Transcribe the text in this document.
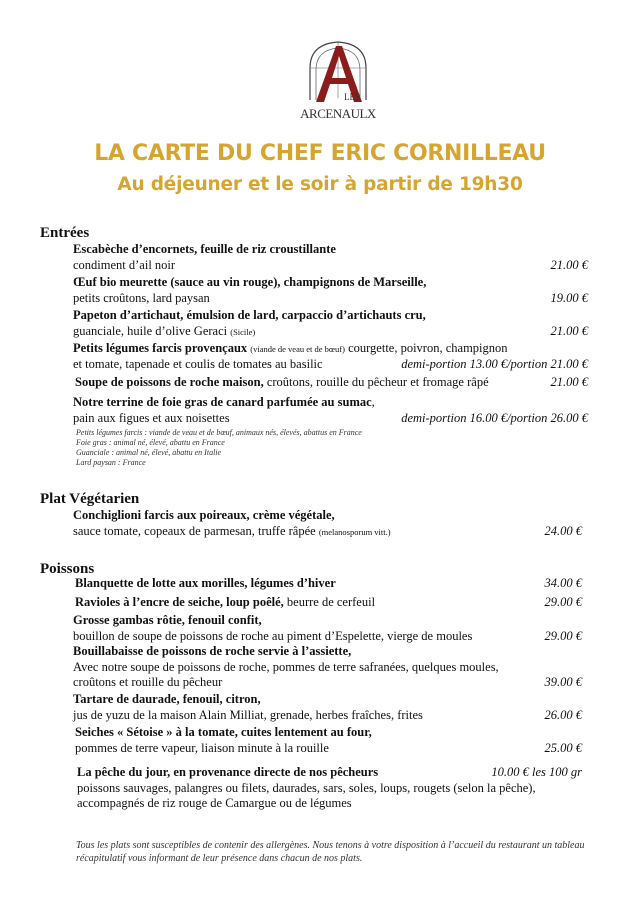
LES
ARCENAULX
LA CARTE DU CHEF ERIC CORNILLEAU
Au déjeuner et le soir à partir de 19h30
Entrées
Escabèche d’encornets, feuille de riz croustillante
condiment d’ail noir	21.00 €
Œuf bio meurette (sauce au vin rouge), champignons de Marseille,
petits croûtons, lard paysan	19.00 €
Papeton d’artichaut, émulsion de lard, carpaccio d’artichauts cru,
guanciale, huile d’olive Geraci (Sicile)	21.00 €
Petits légumes farcis provençaux (viande de veau et de bœuf) courgette, poivron, champignon
et tomate, tapenade et coulis de tomates au basilic	demi-portion 13.00 €/portion 21.00 €
Soupe de poissons de roche maison, croûtons, rouille du pêcheur et fromage râpé	21.00 €
Notre terrine de foie gras de canard parfumée au sumac,
pain aux figues et aux noisettes	demi-portion 16.00 €/portion 26.00 €
Petits légumes farcis : viande de veau et de bœuf, animaux nés, élevés, abattus en France
Foie gras : animal né, élevé, abattu en France
Guanciale : animal né, élevé, abattu en Italie
Lard paysan : France
Plat Végétarien
Conchiglioni farcis aux poireaux, crème végétale,
sauce tomate, copeaux de parmesan, truffe râpée (melanosporum vitt.)	24.00 €
Poissons
Blanquette de lotte aux morilles, légumes d’hiver	34.00 €
Ravioles à l’encre de seiche, loup poêlé, beurre de cerfeuil	29.00 €
Grosse gambas rôtie, fenouil confit,
bouillon de soupe de poissons de roche au piment d’Espelette, vierge de moules	29.00 €
Bouillabaisse de poissons de roche servie à l’assiette,
Avec notre soupe de poissons de roche, pommes de terre safranées, quelques moules,
croûtons et rouille du pêcheur	39.00 €
Tartare de daurade, fenouil, citron,
jus de yuzu de la maison Alain Milliat, grenade, herbes fraîches, frites	26.00 €
Seiches « Sétoise » à la tomate, cuites lentement au four,
pommes de terre vapeur, liaison minute à la rouille	25.00 €
La pêche du jour, en provenance directe de nos pêcheurs	10.00 € les 100 gr
poissons sauvages, palangres ou filets, daurades, sars, soles, loups, rougets (selon la pêche),
accompagnés de riz rouge de Camargue ou de légumes
Tous les plats sont susceptibles de contenir des allergènes. Nous tenons à votre disposition à l’accueil du restaurant un tableau récapitulatif vous informant de leur présence dans chacun de nos plats.
